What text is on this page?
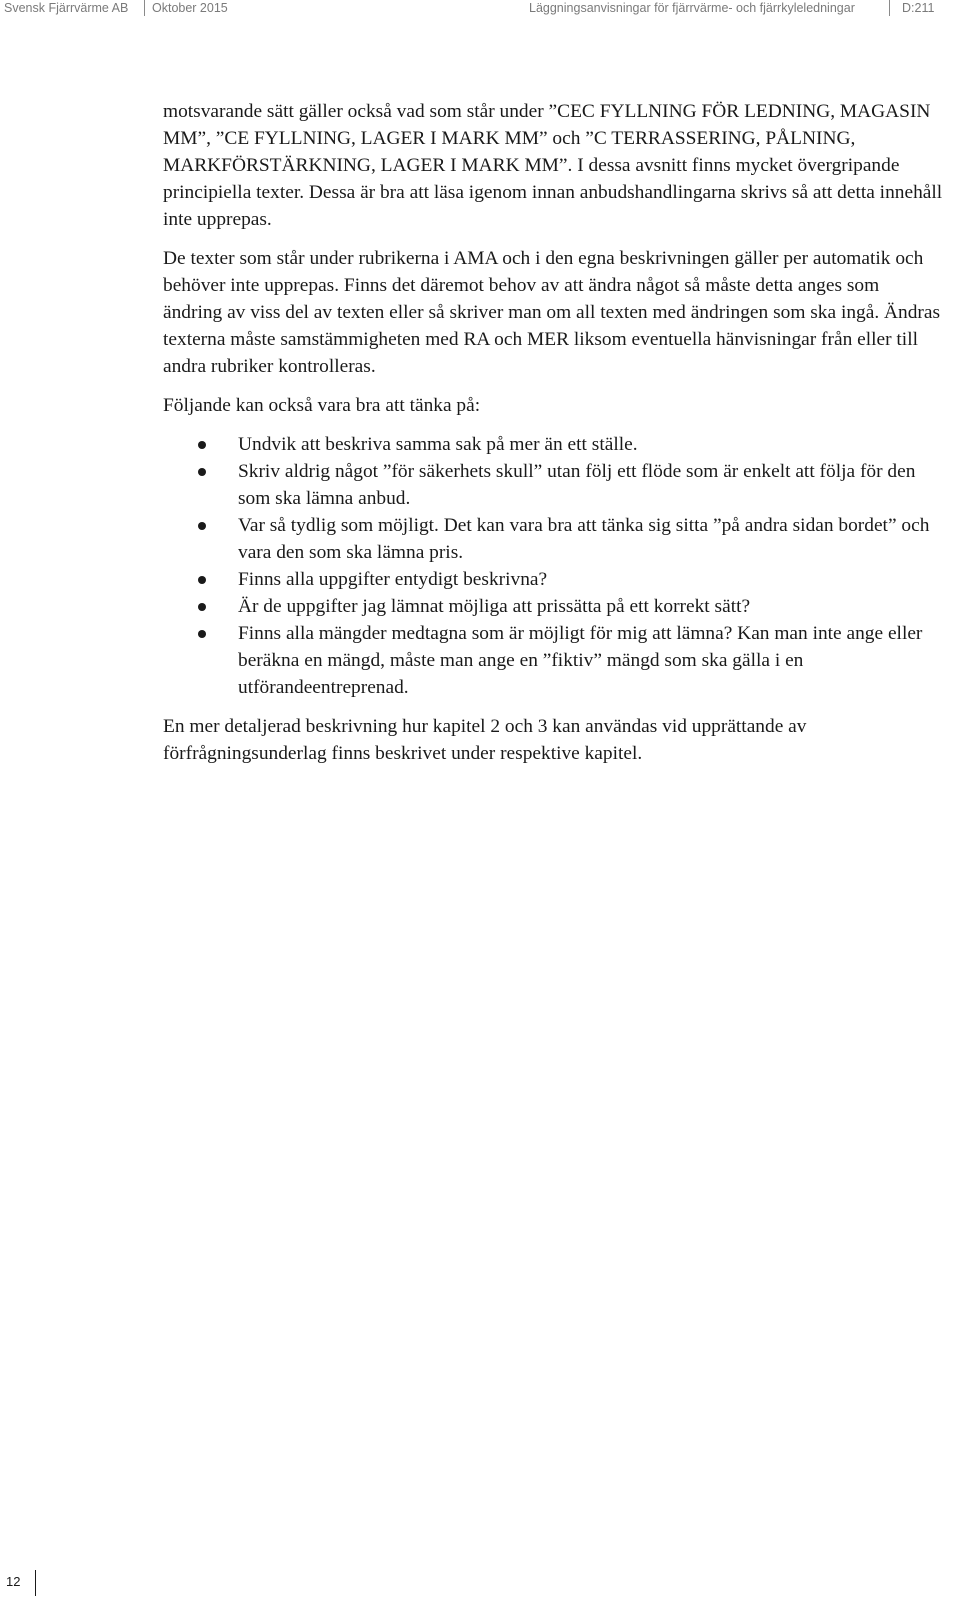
Svensk Fjärrvärme AB Oktober 2015	Läggningsanvisningar för fjärrvärme- och fjärrkyleledningar	D:211

motsvarande sätt gäller också vad som står under ”CEC FYLLNING FÖR LEDNING, MAGASIN MM”, ”CE FYLLNING, LAGER I MARK MM” och ”C TERRASSERING, PÅLNING, MARKFÖRSTÄRKNING, LAGER I MARK MM”. I dessa avsnitt finns mycket övergripande principiella texter. Dessa är bra att läsa igenom innan anbudshandlingarna skrivs så att detta innehåll inte upprepas.

De texter som står under rubrikerna i AMA och i den egna beskrivningen gäller per automatik och behöver inte upprepas. Finns det däremot behov av att ändra något så måste detta anges som ändring av viss del av texten eller så skriver man om all texten med ändringen som ska ingå. Ändras texterna måste samstämmigheten med RA och MER liksom eventuella hänvisningar från eller till andra rubriker kontrolleras.

Följande kan också vara bra att tänka på:

Undvik att beskriva samma sak på mer än ett ställe.
Skriv aldrig något ”för säkerhets skull” utan följ ett flöde som är enkelt att följa för den som ska lämna anbud.
Var så tydlig som möjligt. Det kan vara bra att tänka sig sitta ”på andra sidan bordet” och vara den som ska lämna pris.
Finns alla uppgifter entydigt beskrivna?
Är de uppgifter jag lämnat möjliga att prissätta på ett korrekt sätt?
Finns alla mängder medtagna som är möjligt för mig att lämna? Kan man inte ange eller beräkna en mängd, måste man ange en ”fiktiv” mängd som ska gälla i en utförandeentreprenad.

En mer detaljerad beskrivning hur kapitel 2 och 3 kan användas vid upprättande av förfrågningsunderlag finns beskrivet under respektive kapitel.

12
